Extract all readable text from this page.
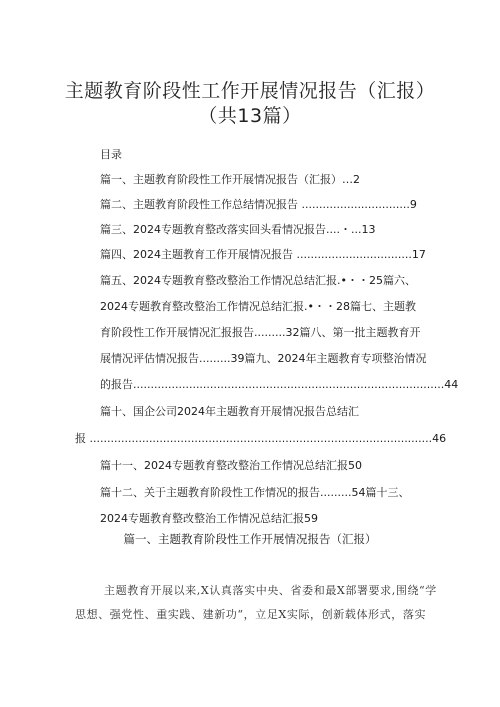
主题教育阶段性工作开展情况报告（汇报）
（共13篇）
目录
篇一、主题教育阶段性工作开展情况报告（汇报）…2
篇二、主题教育阶段性工作总结情况报告 ...............................9
篇三、2024专题教育整改落实回头看情况报告....・...13
篇四、2024主题教育工作开展情况报告 .................................17
篇五、2024专题教育整改整治工作情况总结汇报.•・・25篇六、
2024专题教育整改整治工作情况总结汇报.•・・28篇七、主题教
育阶段性工作开展情况汇报报告.........32篇八、第一批主题教育开
展情况评估情况报告.........39篇九、2024年主题教育专项整治情况
的报告.........................................................................................44
篇十、国企公司2024年主题教育开展情况报告总结汇
报 ..................................................................................................46
篇十一、2024专题教育整改整治工作情况总结汇报50
篇十二、关于主题教育阶段性工作情况的报告.........54篇十三、
2024专题教育整改整治工作情况总结汇报59
篇一、主题教育阶段性工作开展情况报告（汇报）
主题教育开展以来,X认真落实中央、省委和最X部署要求,围绕“学
思想、强党性、重实践、建新功“，立足X实际，创新载体形式，落实
